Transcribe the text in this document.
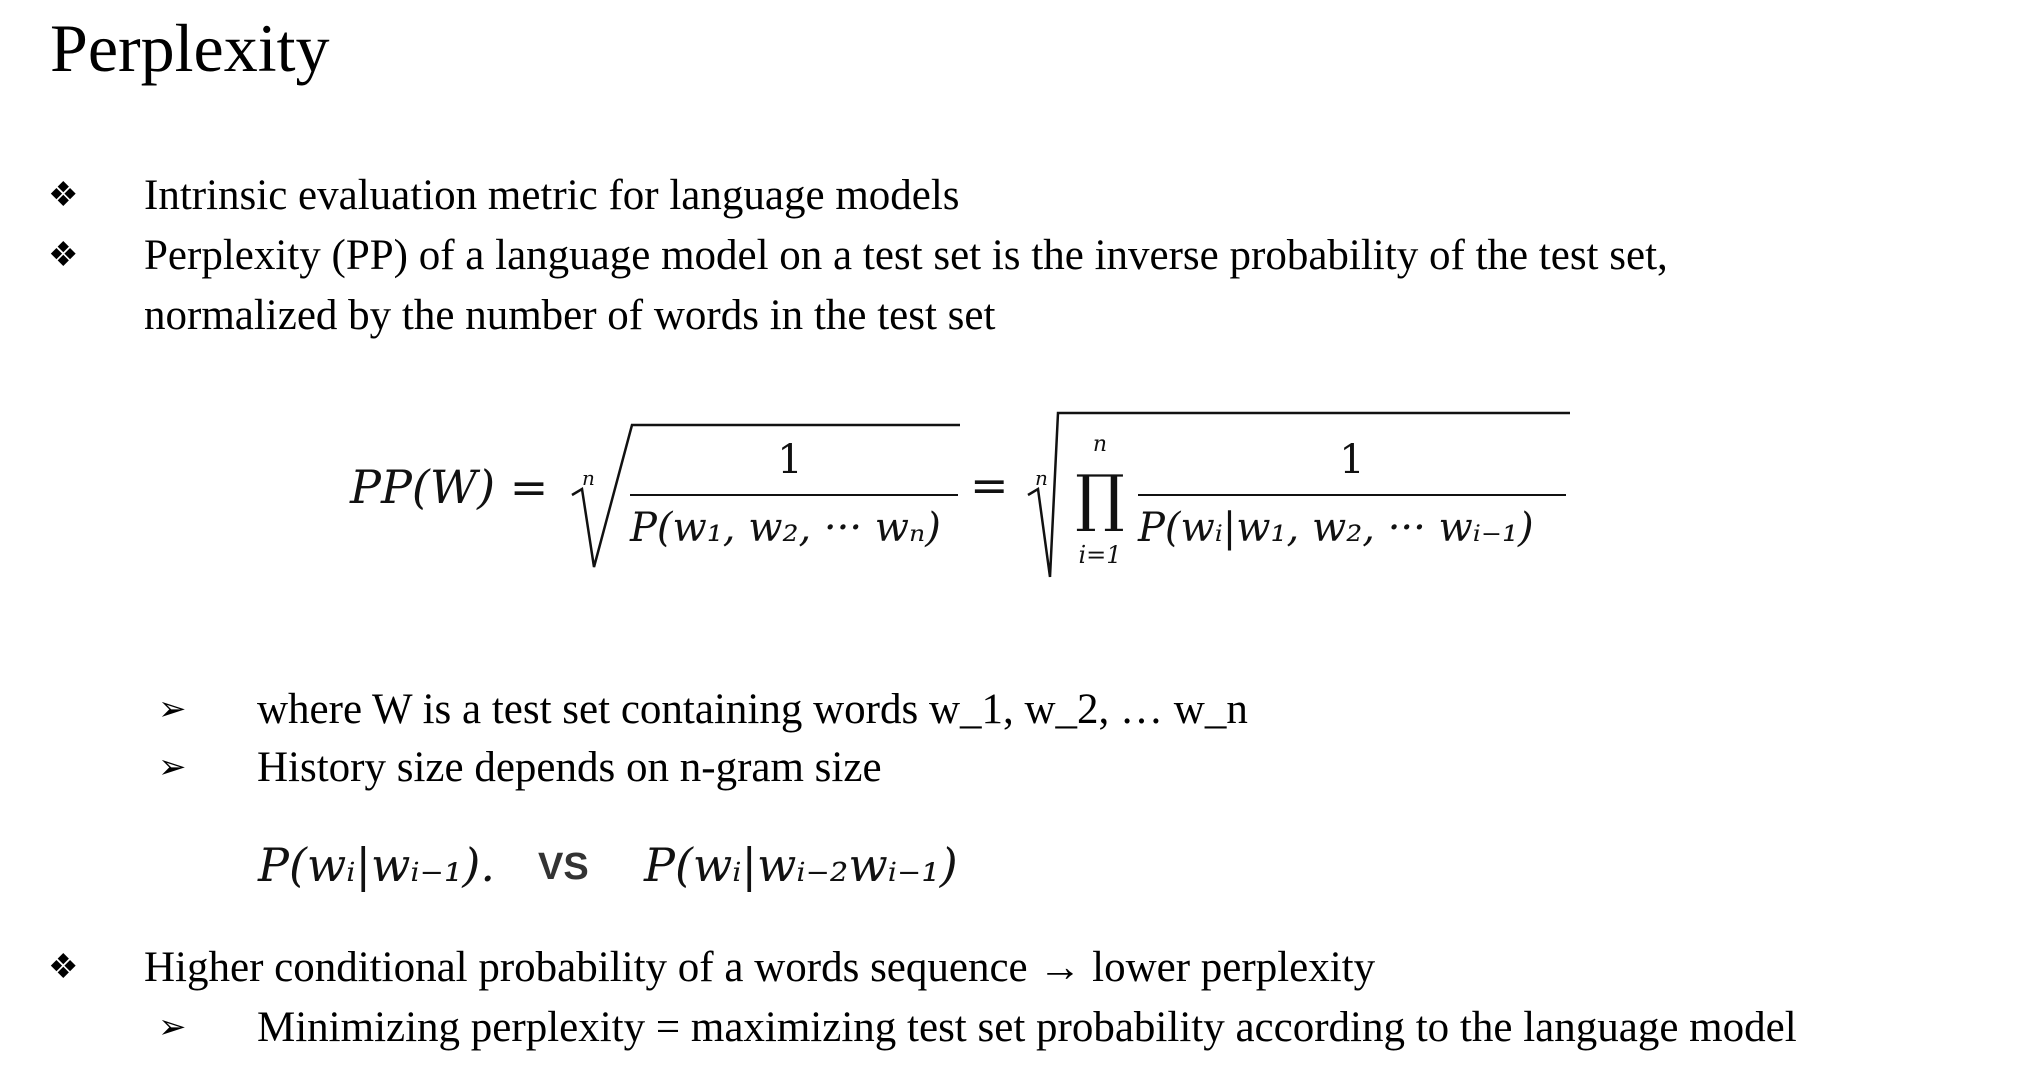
Perplexity
❖ Intrinsic evaluation metric for language models
❖ Perplexity (PP) of a language model on a test set is the inverse probability of the test set,
normalized by the number of words in the test set
PP(W) = n	1
P(w₁, w₂, ··· wₙ)
= n
n
∏
i=1
1
P(wᵢ|w₁, w₂, ··· wᵢ₋₁)
➢ where W is a test set containing words w_1, w_2, … w_n
➢ History size depends on n-gram size
P(wᵢ|wᵢ₋₁). VS P(wᵢ|wᵢ₋₂wᵢ₋₁)
❖ Higher conditional probability of a words sequence → lower perplexity
➢ Minimizing perplexity = maximizing test set probability according to the language model
